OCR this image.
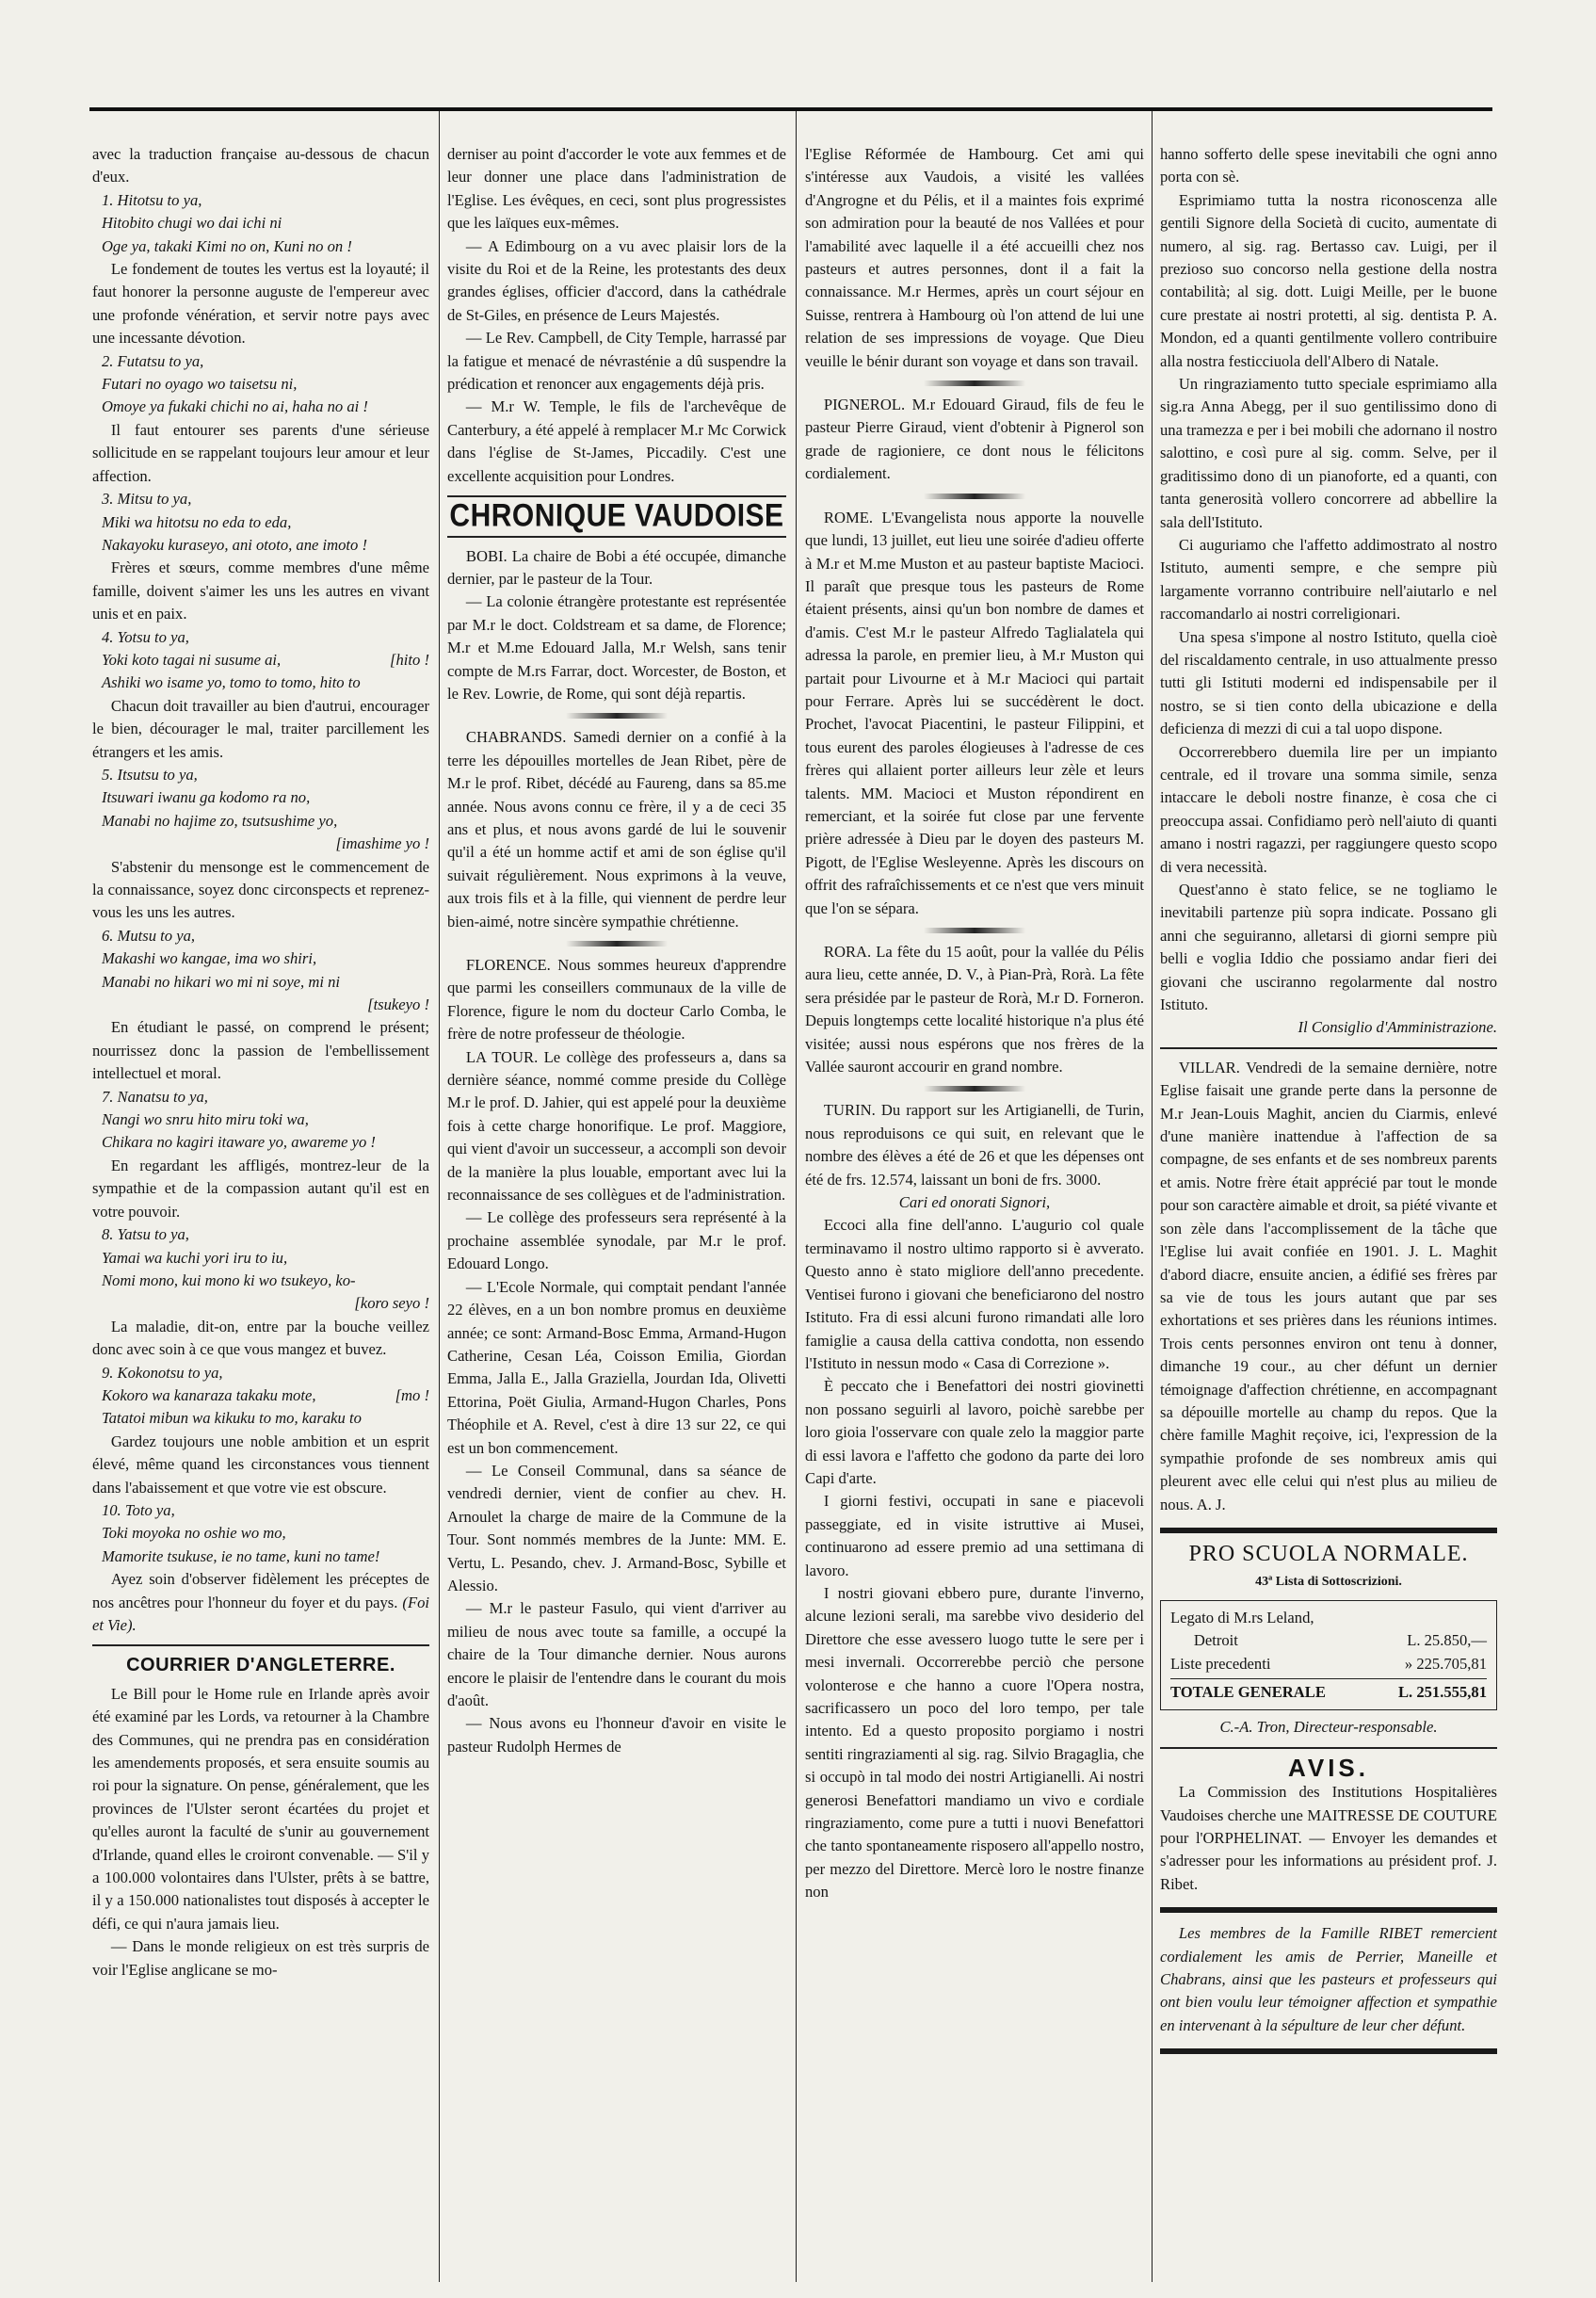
avec la traduction française au-dessous de chacun d'eux.

1. Hitotsu to ya,

Hitobito chugi wo dai ichi ni

Oge ya, takaki Kimi no on, Kuni no on !

Le fondement de toutes les vertus est la loyauté; il faut honorer la personne auguste de l'empereur avec une profonde vénération, et servir notre pays avec une incessante dévotion.

2. Futatsu to ya,

Futari no oyago wo taisetsu ni,

Omoye ya fukaki chichi no ai, haha no ai !

Il faut entourer ses parents d'une sérieuse sollicitude en se rappelant toujours leur amour et leur affection.

3. Mitsu to ya,

Miki wa hitotsu no eda to eda,

Nakayoku kuraseyo, ani ototo, ane imoto !

Frères et sœurs, comme membres d'une même famille, doivent s'aimer les uns les autres en vivant unis et en paix.

4. Yotsu to ya,

Yoki koto tagai ni susume ai,	[hito !

Ashiki wo isame yo, tomo to tomo, hito to

Chacun doit travailler au bien d'autrui, encourager le bien, décourager le mal, traiter parcillement les étrangers et les amis.

5. Itsutsu to ya,

Itsuwari iwanu ga kodomo ra no,

Manabi no hajime zo, tsutsushime yo,

[imashime yo !

S'abstenir du mensonge est le commencement de la connaissance, soyez donc circonspects et reprenez-vous les uns les autres.

6. Mutsu to ya,

Makashi wo kangae, ima wo shiri,

Manabi no hikari wo mi ni soye, mi ni

[tsukeyo !

En étudiant le passé, on comprend le présent; nourrissez donc la passion de l'embellissement intellectuel et moral.

7. Nanatsu to ya,

Nangi wo snru hito miru toki wa,

Chikara no kagiri itaware yo, awareme yo !

En regardant les affligés, montrez-leur de la sympathie et de la compassion autant qu'il est en votre pouvoir.

8. Yatsu to ya,

Yamai wa kuchi yori iru to iu,

Nomi mono, kui mono ki wo tsukeyo, ko-

[koro seyo !

La maladie, dit-on, entre par la bouche veillez donc avec soin à ce que vous mangez et buvez.

9. Kokonotsu to ya,

Kokoro wa kanaraza takaku mote,	[mo !

Tatatoi mibun wa kikuku to mo, karaku to

Gardez toujours une noble ambition et un esprit élevé, même quand les circonstances vous tiennent dans l'abaissement et que votre vie est obscure.

10. Toto ya,

Toki moyoka no oshie wo mo,

Mamorite tsukuse, ie no tame, kuni no tame!

Ayez soin d'observer fidèlement les préceptes de nos ancêtres pour l'honneur du foyer et du pays. (Foi et Vie).

COURRIER D'ANGLETERRE.

Le Bill pour le Home rule en Irlande après avoir été examiné par les Lords, va retourner à la Chambre des Communes, qui ne prendra pas en considération les amendements proposés, et sera ensuite soumis au roi pour la signature. On pense, généralement, que les provinces de l'Ulster seront écartées du projet et qu'elles auront la faculté de s'unir au gouvernement d'Irlande, quand elles le croiront convenable. — S'il y a 100.000 volontaires dans l'Ulster, prêts à se battre, il y a 150.000 nationalistes tout disposés à accepter le défi, ce qui n'aura jamais lieu.

— Dans le monde religieux on est très surpris de voir l'Eglise anglicane se mo-

derniser au point d'accorder le vote aux femmes et de leur donner une place dans l'administration de l'Eglise. Les évêques, en ceci, sont plus progressistes que les laïques eux-mêmes.

— A Edimbourg on a vu avec plaisir lors de la visite du Roi et de la Reine, les protestants des deux grandes églises, officier d'accord, dans la cathédrale de St-Giles, en présence de Leurs Majestés.

— Le Rev. Campbell, de City Temple, harrassé par la fatigue et menacé de névrasténie a dû suspendre la prédication et renoncer aux engagements déjà pris.

— M.r W. Temple, le fils de l'archevêque de Canterbury, a été appelé à remplacer M.r Mc Corwick dans l'église de St-James, Piccadily. C'est une excellente acquisition pour Londres.

CHRONIQUE VAUDOISE

BOBI. La chaire de Bobi a été occupée, dimanche dernier, par le pasteur de la Tour.

— La colonie étrangère protestante est représentée par M.r le doct. Coldstream et sa dame, de Florence; M.r et M.me Edouard Jalla, M.r Welsh, sans tenir compte de M.rs Farrar, doct. Worcester, de Boston, et le Rev. Lowrie, de Rome, qui sont déjà repartis.

CHABRANDS. Samedi dernier on a confié à la terre les dépouilles mortelles de Jean Ribet, père de M.r le prof. Ribet, décédé au Faureng, dans sa 85.me année. Nous avons connu ce frère, il y a de ceci 35 ans et plus, et nous avons gardé de lui le souvenir qu'il a été un homme actif et ami de son église qu'il suivait régulièrement. Nous exprimons à la veuve, aux trois fils et à la fille, qui viennent de perdre leur bien-aimé, notre sincère sympathie chrétienne.

FLORENCE. Nous sommes heureux d'apprendre que parmi les conseillers communaux de la ville de Florence, figure le nom du docteur Carlo Comba, le frère de notre professeur de théologie.

LA TOUR. Le collège des professeurs a, dans sa dernière séance, nommé comme preside du Collège M.r le prof. D. Jahier, qui est appelé pour la deuxième fois à cette charge honorifique. Le prof. Maggiore, qui vient d'avoir un successeur, a accompli son devoir de la manière la plus louable, emportant avec lui la reconnaissance de ses collègues et de l'administration.

— Le collège des professeurs sera représenté à la prochaine assemblée synodale, par M.r le prof. Edouard Longo.

— L'Ecole Normale, qui comptait pendant l'année 22 élèves, en a un bon nombre promus en deuxième année; ce sont: Armand-Bosc Emma, Armand-Hugon Catherine, Cesan Léa, Coisson Emilia, Giordan Emma, Jalla E., Jalla Graziella, Jourdan Ida, Olivetti Ettorina, Poët Giulia, Armand-Hugon Charles, Pons Théophile et A. Revel, c'est à dire 13 sur 22, ce qui est un bon commencement.

— Le Conseil Communal, dans sa séance de vendredi dernier, vient de confier au chev. H. Arnoulet la charge de maire de la Commune de la Tour. Sont nommés membres de la Junte: MM. E. Vertu, L. Pesando, chev. J. Armand-Bosc, Sybille et Alessio.

— M.r le pasteur Fasulo, qui vient d'arriver au milieu de nous avec toute sa famille, a occupé la chaire de la Tour dimanche dernier. Nous aurons encore le plaisir de l'entendre dans le courant du mois d'août.

— Nous avons eu l'honneur d'avoir en visite le pasteur Rudolph Hermes de

l'Eglise Réformée de Hambourg. Cet ami qui s'intéresse aux Vaudois, a visité les vallées d'Angrogne et du Pélis, et il a maintes fois exprimé son admiration pour la beauté de nos Vallées et pour l'amabilité avec laquelle il a été accueilli chez nos pasteurs et autres personnes, dont il a fait la connaissance. M.r Hermes, après un court séjour en Suisse, rentrera à Hambourg où l'on attend de lui une relation de ses impressions de voyage. Que Dieu veuille le bénir durant son voyage et dans son travail.

PIGNEROL. M.r Edouard Giraud, fils de feu le pasteur Pierre Giraud, vient d'obtenir à Pignerol son grade de ragioniere, ce dont nous le félicitons cordialement.

ROME. L'Evangelista nous apporte la nouvelle que lundi, 13 juillet, eut lieu une soirée d'adieu offerte à M.r et M.me Muston et au pasteur baptiste Macioci. Il paraît que presque tous les pasteurs de Rome étaient présents, ainsi qu'un bon nombre de dames et d'amis. C'est M.r le pasteur Alfredo Taglialatela qui adressa la parole, en premier lieu, à M.r Muston qui partait pour Livourne et à M.r Macioci qui partait pour Ferrare. Après lui se succédèrent le doct. Prochet, l'avocat Piacentini, le pasteur Filippini, et tous eurent des paroles élogieuses à l'adresse de ces frères qui allaient porter ailleurs leur zèle et leurs talents. MM. Macioci et Muston répondirent en remerciant, et la soirée fut close par une fervente prière adressée à Dieu par le doyen des pasteurs M. Pigott, de l'Eglise Wesleyenne. Après les discours on offrit des rafraîchissements et ce n'est que vers minuit que l'on se sépara.

RORA. La fête du 15 août, pour la vallée du Pélis aura lieu, cette année, D. V., à Pian-Prà, Rorà. La fête sera présidée par le pasteur de Rorà, M.r D. Forneron. Depuis longtemps cette localité historique n'a plus été visitée; aussi nous espérons que nos frères de la Vallée sauront accourir en grand nombre.

TURIN. Du rapport sur les Artigianelli, de Turin, nous reproduisons ce qui suit, en relevant que le nombre des élèves a été de 26 et que les dépenses ont été de frs. 12.574, laissant un boni de frs. 3000.

Cari ed onorati Signori,

Eccoci alla fine dell'anno. L'augurio col quale terminavamo il nostro ultimo rapporto si è avverato. Questo anno è stato migliore dell'anno precedente. Ventisei furono i giovani che beneficiarono del nostro Istituto. Fra di essi alcuni furono rimandati alle loro famiglie a causa della cattiva condotta, non essendo l'Istituto in nessun modo « Casa di Correzione ».

È peccato che i Benefattori dei nostri giovinetti non possano seguirli al lavoro, poichè sarebbe per loro gioia l'osservare con quale zelo la maggior parte di essi lavora e l'affetto che godono da parte dei loro Capi d'arte.

I giorni festivi, occupati in sane e piacevoli passeggiate, ed in visite istruttive ai Musei, continuarono ad essere premio ad una settimana di lavoro.

I nostri giovani ebbero pure, durante l'inverno, alcune lezioni serali, ma sarebbe vivo desiderio del Direttore che esse avessero luogo tutte le sere per i mesi invernali. Occorrerebbe perciò che persone volonterose e che hanno a cuore l'Opera nostra, sacrificassero un poco del loro tempo, per tale intento. Ed a questo proposito porgiamo i nostri sentiti ringraziamenti al sig. rag. Silvio Bragaglia, che si occupò in tal modo dei nostri Artigianelli. Ai nostri generosi Benefattori mandiamo un vivo e cordiale ringraziamento, come pure a tutti i nuovi Benefattori che tanto spontaneamente risposero all'appello nostro, per mezzo del Direttore. Mercè loro le nostre finanze non

hanno sofferto delle spese inevitabili che ogni anno porta con sè.

Esprimiamo tutta la nostra riconoscenza alle gentili Signore della Società di cucito, aumentate di numero, al sig. rag. Bertasso cav. Luigi, per il prezioso suo concorso nella gestione della nostra contabilità; al sig. dott. Luigi Meille, per le buone cure prestate ai nostri protetti, al sig. dentista P. A. Mondon, ed a quanti gentilmente vollero contribuire alla nostra festicciuola dell'Albero di Natale.

Un ringraziamento tutto speciale esprimiamo alla sig.ra Anna Abegg, per il suo gentilissimo dono di una tramezza e per i bei mobili che adornano il nostro salottino, e così pure al sig. comm. Selve, per il graditissimo dono di un pianoforte, ed a quanti, con tanta generosità vollero concorrere ad abbellire la sala dell'Istituto.

Ci auguriamo che l'affetto addimostrato al nostro Istituto, aumenti sempre, e che sempre più largamente vorranno contribuire nell'aiutarlo e nel raccomandarlo ai nostri correligionari.

Una spesa s'impone al nostro Istituto, quella cioè del riscaldamento centrale, in uso attualmente presso tutti gli Istituti moderni ed indispensabile per il nostro, se si tien conto della ubicazione e della deficienza di mezzi di cui a tal uopo dispone.

Occorrerebbero duemila lire per un impianto centrale, ed il trovare una somma simile, senza intaccare le deboli nostre finanze, è cosa che ci preoccupa assai. Confidiamo però nell'aiuto di quanti amano i nostri ragazzi, per raggiungere questo scopo di vera necessità.

Quest'anno è stato felice, se ne togliamo le inevitabili partenze più sopra indicate. Possano gli anni che seguiranno, alletarsi di giorni sempre più belli e voglia Iddio che possiamo andar fieri dei giovani che usciranno regolarmente dal nostro Istituto.

Il Consiglio d'Amministrazione.

VILLAR. Vendredi de la semaine dernière, notre Eglise faisait une grande perte dans la personne de M.r Jean-Louis Maghit, ancien du Ciarmis, enlevé d'une manière inattendue à l'affection de sa compagne, de ses enfants et de ses nombreux parents et amis. Notre frère était apprécié par tout le monde pour son caractère aimable et droit, sa piété vivante et son zèle dans l'accomplissement de la tâche que l'Eglise lui avait confiée en 1901. J. L. Maghit d'abord diacre, ensuite ancien, a édifié ses frères par sa vie de tous les jours autant que par ses exhortations et ses prières dans les réunions intimes. Trois cents personnes environ ont tenu à donner, dimanche 19 cour., au cher défunt un dernier témoignage d'affection chrétienne, en accompagnant sa dépouille mortelle au champ du repos. Que la chère famille Maghit reçoive, ici, l'expression de la sympathie profonde de ses nombreux amis qui pleurent avec elle celui qui n'est plus au milieu de nous. A. J.

PRO SCUOLA NORMALE.
43ª Lista di Sottoscrizioni.
Legato di M.rs Leland,
Detroit	L. 25.850,—
Liste precedenti	» 225.705,81
TOTALE GENERALE	L. 251.555,81

C.-A. Tron, Directeur-responsable.

AVIS.

La Commission des Institutions Hospitalières Vaudoises cherche une MAITRESSE DE COUTURE pour l'ORPHELINAT. — Envoyer les demandes et s'adresser pour les informations au président prof. J. Ribet.

Les membres de la Famille RIBET remercient cordialement les amis de Perrier, Maneille et Chabrans, ainsi que les pasteurs et professeurs qui ont bien voulu leur témoigner affection et sympathie en intervenant à la sépulture de leur cher défunt.
